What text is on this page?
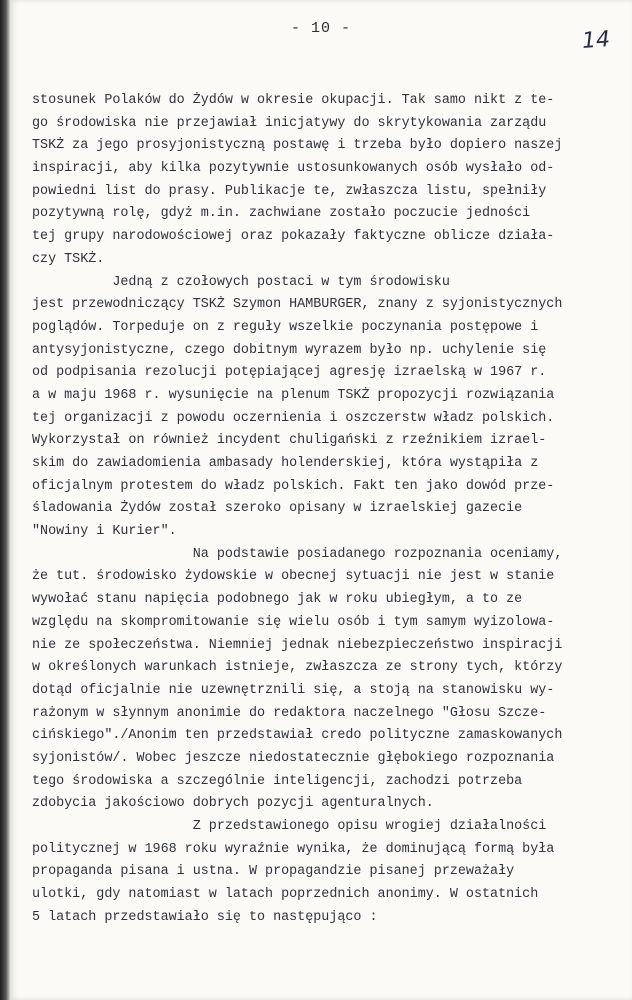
- 10 -	14
stosunek Polaków do Żydów w okresie okupacji. Tak samo nikt z te-
go środowiska nie przejawiał inicjatywy do skrytykowania zarządu
TSKŻ za jego prosyjonistyczną postawę i trzeba było dopiero naszej
inspiracji, aby kilka pozytywnie ustosunkowanych osób wysłało od-
powiedni list do prasy. Publikacje te, zwłaszcza listu, spełniły
pozytywną rolę, gdyż m.in. zachwiane zostało poczucie jedności
tej grupy narodowościowej oraz pokazały faktyczne oblicze działa-
czy TSKŻ.
Jedną z czołowych postaci w tym środowisku
jest przewodniczący TSKŻ Szymon HAMBURGER, znany z syjonistycznych
poglądów. Torpeduje on z reguły wszelkie poczynania postępowe i
antysyjonistyczne, czego dobitnym wyrazem było np. uchylenie się
od podpisania rezolucji potępiającej agresję izraelską w 1967 r.
a w maju 1968 r. wysunięcie na plenum TSKŻ propozycji rozwiązania
tej organizacji z powodu oczernienia i oszczerstw władz polskich.
Wykorzystał on również incydent chuligański z rzeźnikiem izrael-
skim do zawiadomienia ambasady holenderskiej, która wystąpiła z
oficjalnym protestem do władz polskich. Fakt ten jako dowód prze-
śladowania Żydów został szeroko opisany w izraelskiej gazecie
"Nowiny i Kurier".
Na podstawie posiadanego rozpoznania oceniamy,
że tut. środowisko żydowskie w obecnej sytuacji nie jest w stanie
wywołać stanu napięcia podobnego jak w roku ubiegłym, a to ze
względu na skompromitowanie się wielu osób i tym samym wyizolowa-
nie ze społeczeństwa. Niemniej jednak niebezpieczeństwo inspiracji
w określonych warunkach istnieje, zwłaszcza ze strony tych, którzy
dotąd oficjalnie nie uzewnętrznili się, a stoją na stanowisku wy-
rażonym w słynnym anonimie do redaktora naczelnego "Głosu Szcze-
cińskiego"./Anonim ten przedstawiał credo polityczne zamaskowanych
syjonistów/. Wobec jeszcze niedostatecznie głębokiego rozpoznania
tego środowiska a szczególnie inteligencji, zachodzi potrzeba
zdobycia jakościowo dobrych pozycji agenturalnych.
Z przedstawionego opisu wrogiej działalności
politycznej w 1968 roku wyraźnie wynika, że dominującą formą była
propaganda pisana i ustna. W propagandzie pisanej przeważały
ulotki, gdy natomiast w latach poprzednich anonimy. W ostatnich
5 latach przedstawiało się to następująco :
